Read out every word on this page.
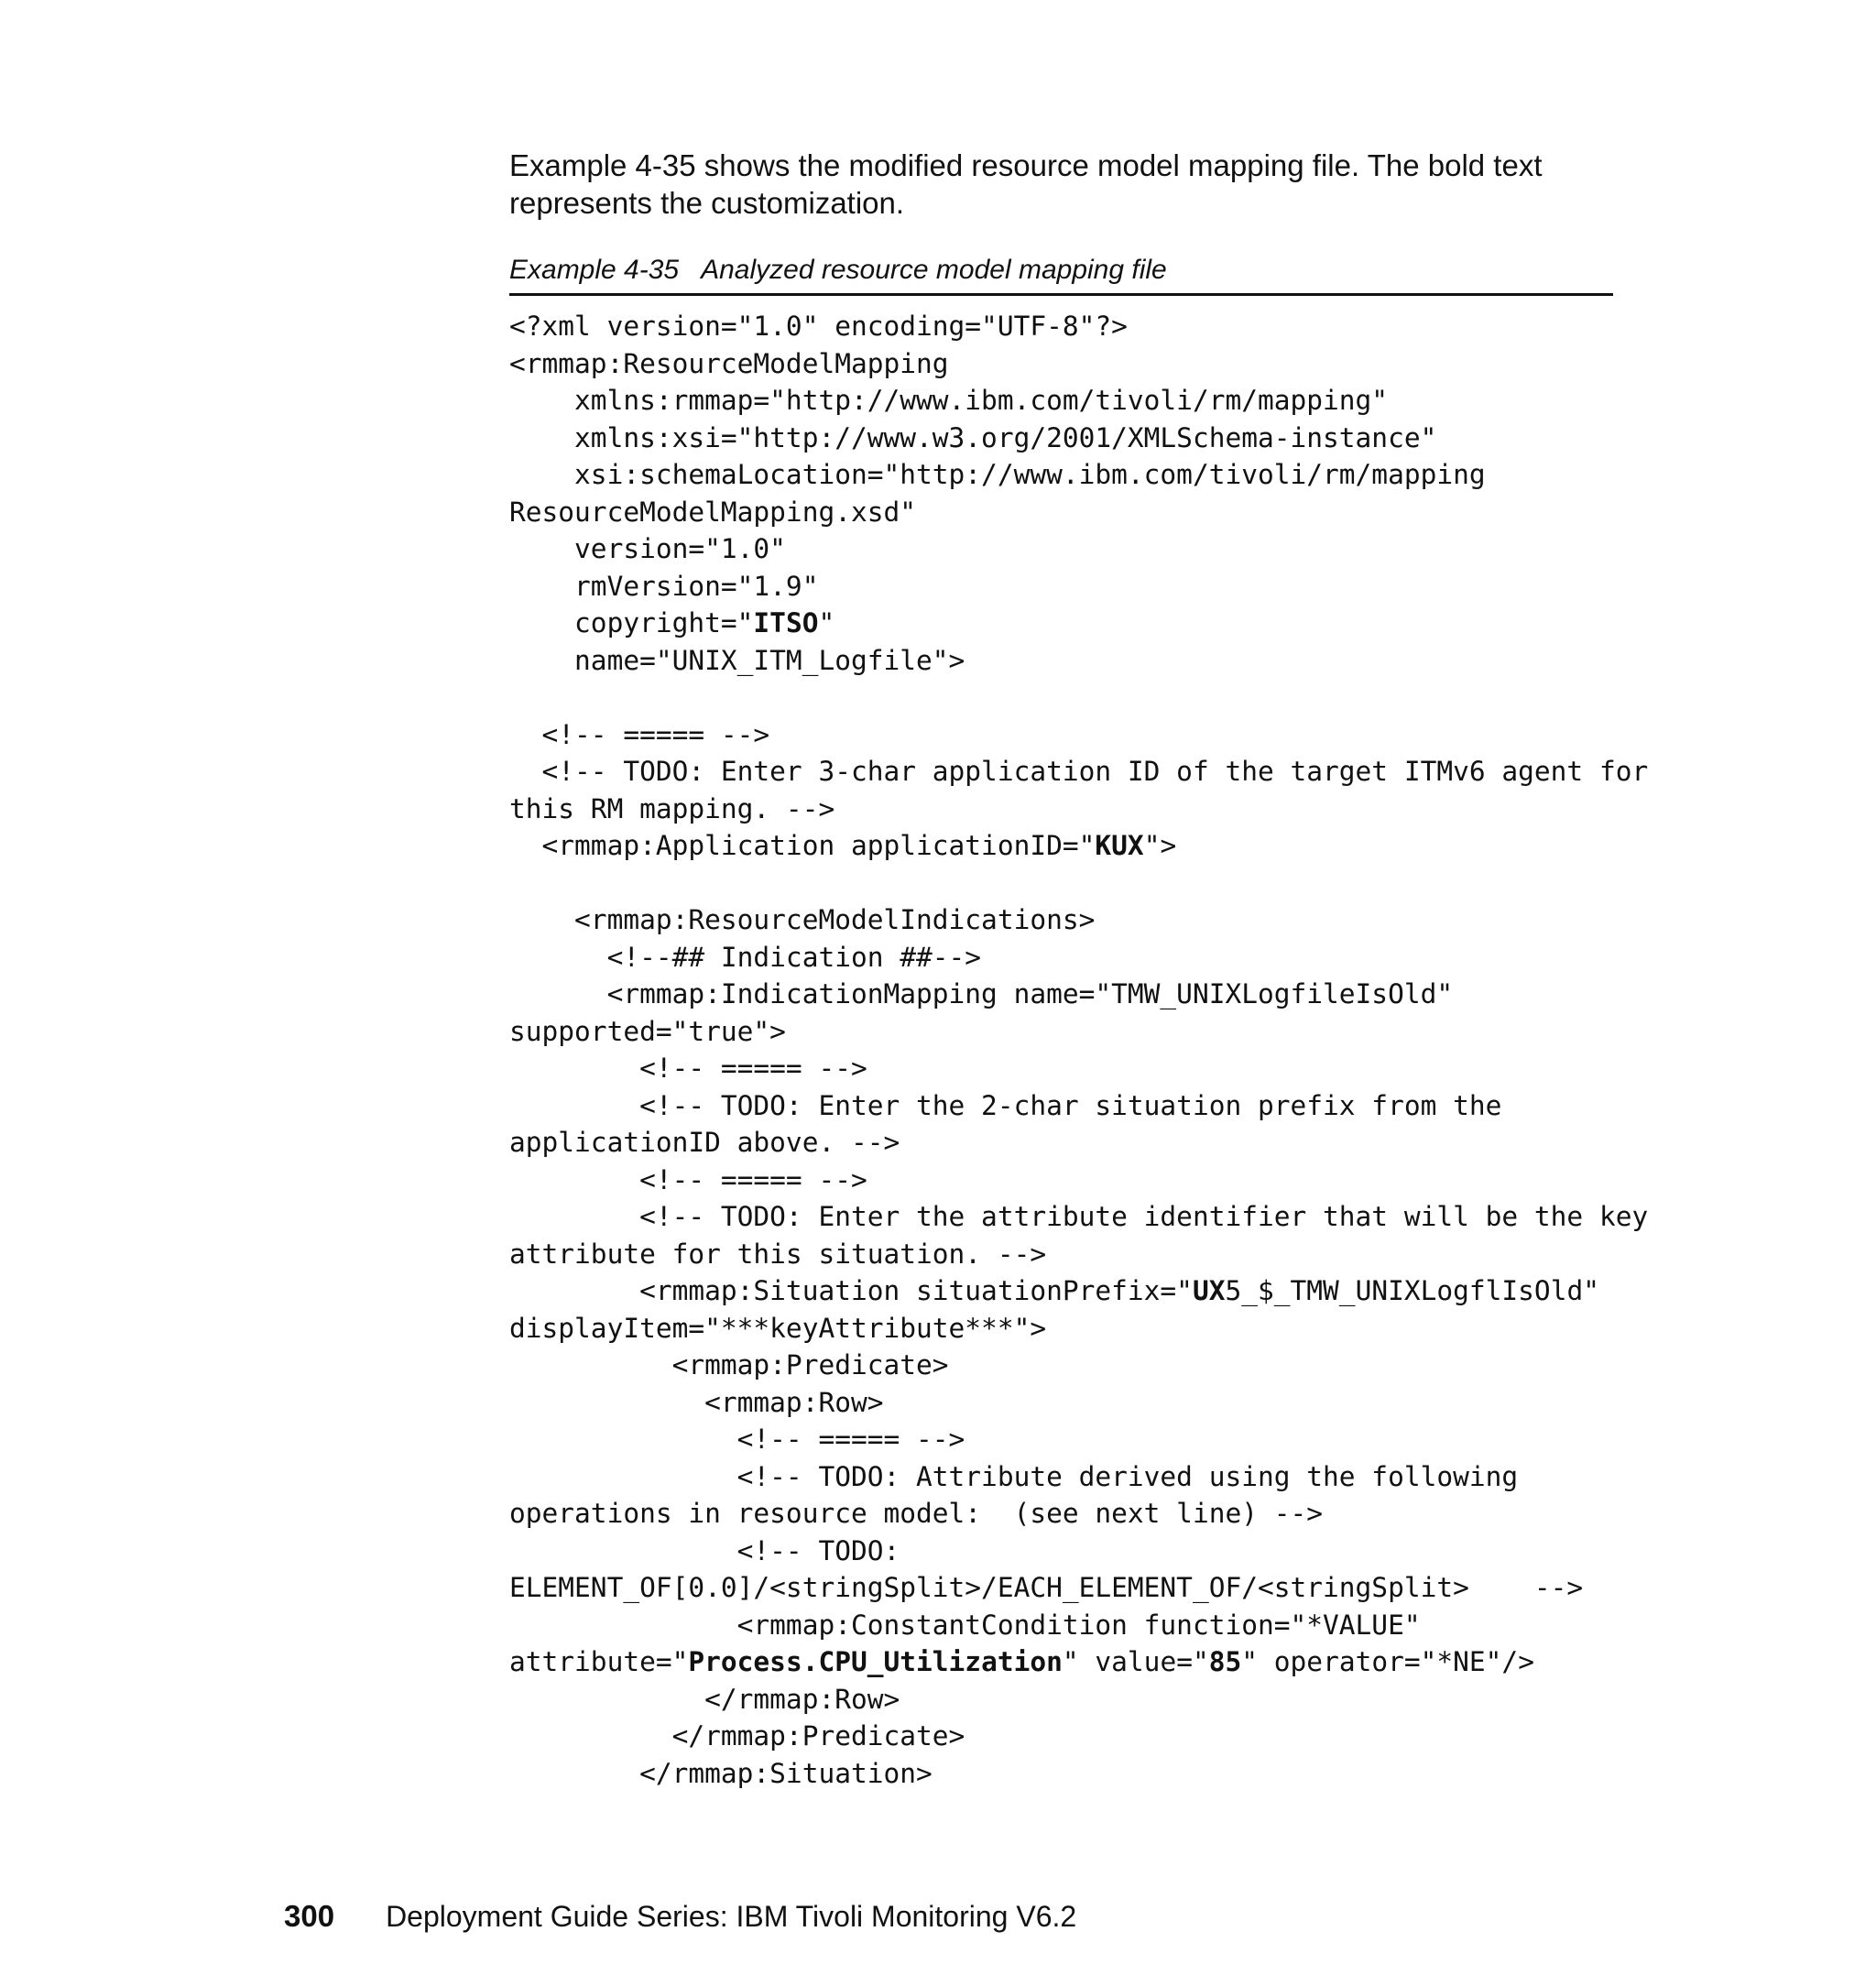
Example 4-35 shows the modified resource model mapping file. The bold text represents the customization.

Example 4-35 Analyzed resource model mapping file
<?xml version="1.0" encoding="UTF-8"?>
<rmmap:ResourceModelMapping
xmlns:rmmap="http://www.ibm.com/tivoli/rm/mapping"
xmlns:xsi="http://www.w3.org/2001/XMLSchema-instance"
xsi:schemaLocation="http://www.ibm.com/tivoli/rm/mapping
ResourceModelMapping.xsd"
version="1.0"
rmVersion="1.9"
copyright="ITSO"
name="UNIX_ITM_Logfile">
<!-- ===== -->
<!-- TODO: Enter 3-char application ID of the target ITMv6 agent for
this RM mapping. -->
<rmmap:Application applicationID="KUX">
<rmmap:ResourceModelIndications>
<!--## Indication ##-->
<rmmap:IndicationMapping name="TMW_UNIXLogfileIsOld"
supported="true">
<!-- ===== -->
<!-- TODO: Enter the 2-char situation prefix from the
applicationID above. -->
<!-- ===== -->
<!-- TODO: Enter the attribute identifier that will be the key
attribute for this situation. -->
<rmmap:Situation situationPrefix="UX5_$_TMW_UNIXLogflIsOld"
displayItem="***keyAttribute***">
<rmmap:Predicate>
<rmmap:Row>
<!-- ===== -->
<!-- TODO: Attribute derived using the following
operations in resource model:  (see next line) -->
<!-- TODO:
ELEMENT_OF[0.0]/<stringSplit>/EACH_ELEMENT_OF/<stringSplit>    -->
<rmmap:ConstantCondition function="*VALUE"
attribute="Process.CPU_Utilization" value="85" operator="*NE"/>
</rmmap:Row>
</rmmap:Predicate>
</rmmap:Situation>
300 Deployment Guide Series: IBM Tivoli Monitoring V6.2
